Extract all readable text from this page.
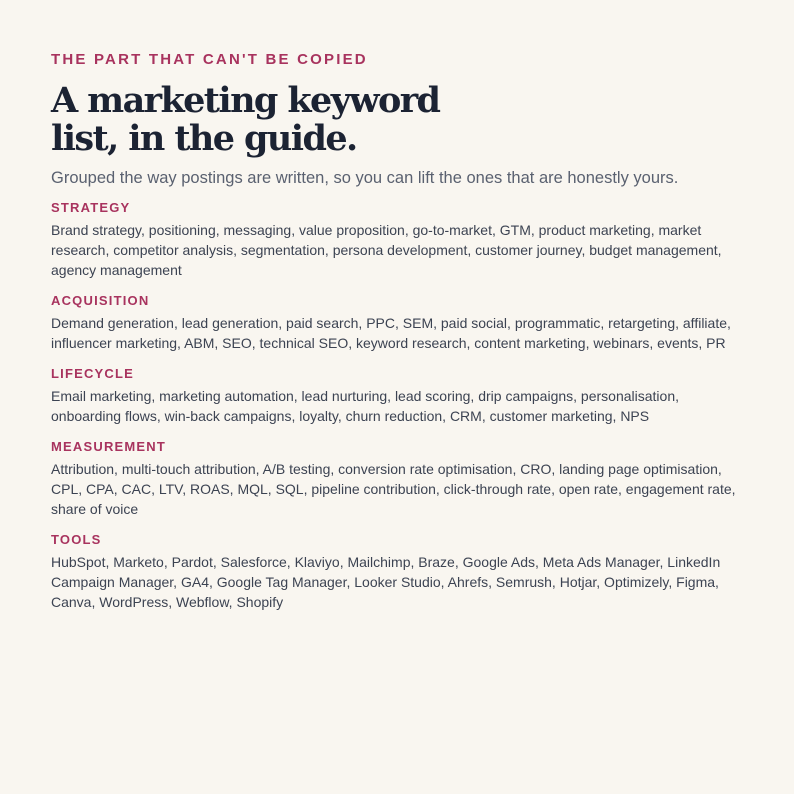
THE PART THAT CAN'T BE COPIED

A marketing keyword list, in the guide.

Grouped the way postings are written, so you can lift the ones that are honestly yours.

STRATEGY

Brand strategy, positioning, messaging, value proposition, go-to-market, GTM, product marketing, market research, competitor analysis, segmentation, persona development, customer journey, budget management, agency management

ACQUISITION

Demand generation, lead generation, paid search, PPC, SEM, paid social, programmatic, retargeting, affiliate, influencer marketing, ABM, SEO, technical SEO, keyword research, content marketing, webinars, events, PR

LIFECYCLE

Email marketing, marketing automation, lead nurturing, lead scoring, drip campaigns, personalisation, onboarding flows, win-back campaigns, loyalty, churn reduction, CRM, customer marketing, NPS

MEASUREMENT

Attribution, multi-touch attribution, A/B testing, conversion rate optimisation, CRO, landing page optimisation, CPL, CPA, CAC, LTV, ROAS, MQL, SQL, pipeline contribution, click-through rate, open rate, engagement rate, share of voice

TOOLS

HubSpot, Marketo, Pardot, Salesforce, Klaviyo, Mailchimp, Braze, Google Ads, Meta Ads Manager, LinkedIn Campaign Manager, GA4, Google Tag Manager, Looker Studio, Ahrefs, Semrush, Hotjar, Optimizely, Figma, Canva, WordPress, Webflow, Shopify
